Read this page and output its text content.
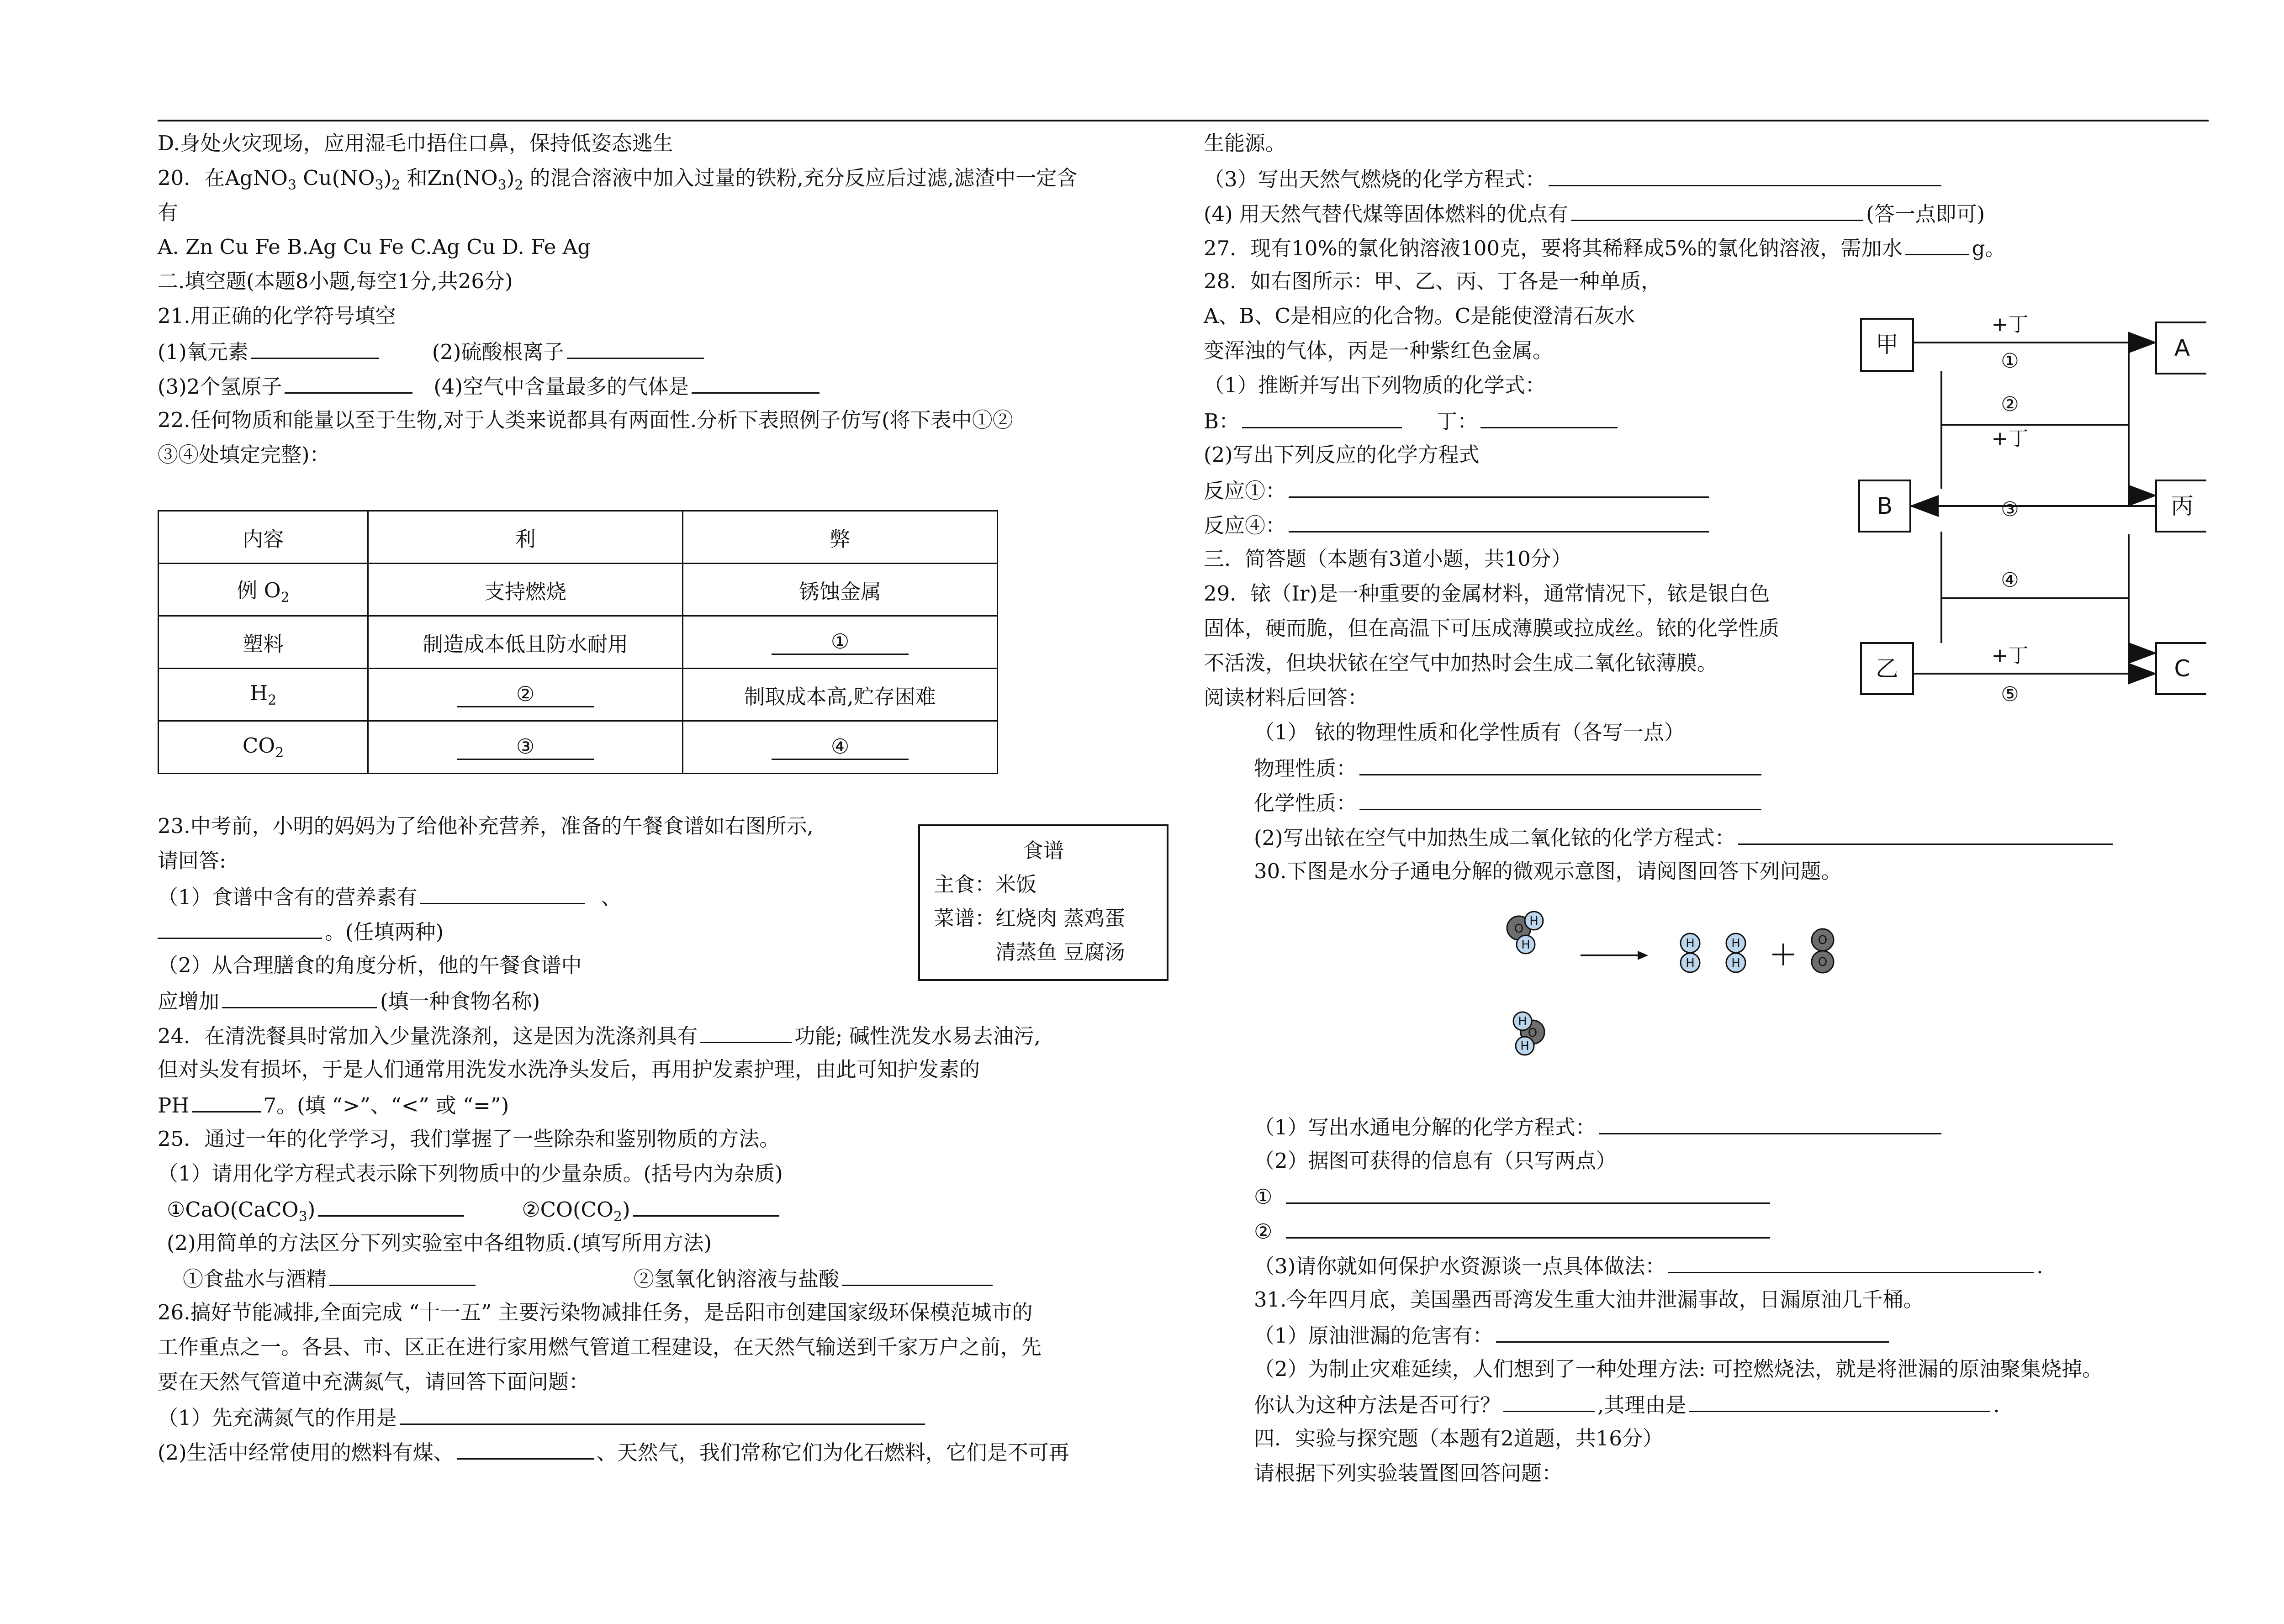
D.身处火灾现场，应用湿毛巾捂住口鼻，保持低姿态逃生
20．在AgNO$_3$ $Cu(NO_3)_2$ 和$Zn(NO_3)_2$ 的混合溶液中加入过量的铁粉,充分反应后过滤,滤渣中一定含
有
A. Zn Cu Fe B.Ag Cu Fe C.Ag Cu D. Fe Ag
二.填空题(本题8小题,每空1分,共26分)
21.用正确的化学符号填空
(1)氧元素	(2)硫酸根离子
(3)2个氢原子	(4)空气中含量最多的气体是
22.任何物质和能量以至于生物,对于人类来说都具有两面性.分析下表照例子仿写(将下表中①②
③④处填定完整)：
内容	利	弊
例 $O_2$	支持燃烧	锈蚀金属
塑料	制造成本低且防水耐用	①
$H_2$	②	制取成本高,贮存困难
$CO_2$	③	④
23.中考前，小明的妈妈为了给他补充营养，准备的午餐食谱如右图所示,
请回答:
（1）食谱中含有的营养素有	、
。(任填两种)
（2）从合理膳食的角度分析，他的午餐食谱中
应增加	(填一种食物名称)
食谱
主食：米饭
菜谱：红烧肉 蒸鸡蛋
清蒸鱼 豆腐汤
24．在清洗餐具时常加入少量洗涤剂，这是因为洗涤剂具有	功能; 碱性洗发水易去油污,
但对头发有损坏，于是人们通常用洗发水洗净头发后，再用护发素护理，由此可知护发素的
PH	7。(填 “>”、“<” 或 “=”)
25．通过一年的化学学习，我们掌握了一些除杂和鉴别物质的方法。
（1）请用化学方程式表示除下列物质中的少量杂质。(括号内为杂质)
①CaO(CaCO$_3$)	$②CO(CO_2)$
(2)用简单的方法区分下列实验室中各组物质.(填写所用方法)
①食盐水与酒精	②氢氧化钠溶液与盐酸
26.搞好节能减排,全面完成 “十一五” 主要污染物减排任务，是岳阳市创建国家级环保模范城市的
工作重点之一。各县、市、区正在进行家用燃气管道工程建设，在天然气输送到千家万户之前，先
要在天然气管道中充满氮气，请回答下面问题：
（1）先充满氮气的作用是
(2)生活中经常使用的燃料有煤、	、天然气，我们常称它们为化石燃料，它们是不可再
生能源。
（3）写出天然气燃烧的化学方程式：
(4) 用天然气替代煤等固体燃料的优点有	(答一点即可)
27．现有10%的氯化钠溶液100克，要将其稀释成5%的氯化钠溶液，需加水	g。
28．如右图所示：甲、乙、丙、丁各是一种单质，
A、B、C是相应的化合物。C是能使澄清石灰水
变浑浊的气体，丙是一种紫红色金属。
（1）推断并写出下列物质的化学式：
B：	丁：
(2)写出下列反应的化学方程式
反应①：
反应④：
三．简答题（本题有3道小题，共10分）
29．铱（Ir)是一种重要的金属材料，通常情况下，铱是银白色
固体，硬而脆，但在高温下可压成薄膜或拉成丝。铱的化学性质
不活泼，但块状铱在空气中加热时会生成二氧化铱薄膜。
阅读材料后回答：
（1） 铱的物理性质和化学性质有（各写一点）
物理性质：
化学性质：
(2)写出铱在空气中加热生成二氧化铱的化学方程式：
30.下图是水分子通电分解的微观示意图，请阅图回答下列问题。
（1）写出水通电分解的化学方程式：
（2）据图可获得的信息有（只写两点）
①
②
（3)请你就如何保护水资源谈一点具体做法：	.
31.今年四月底，美国墨西哥湾发生重大油井泄漏事故，日漏原油几千桶。
（1）原油泄漏的危害有：
（2）为制止灾难延续，人们想到了一种处理方法: 可控燃烧法，就是将泄漏的原油聚集烧掉。
你认为这种方法是否可行？	,其理由是	.
四．实验与探究题（本题有2道题，共16分）
请根据下列实验装置图回答问题：
甲	A
B	丙
乙	C
+丁
①
②
+丁
③
④
+丁
⑤
O
H
H
O
H
H
H
H
H
H
O
O
